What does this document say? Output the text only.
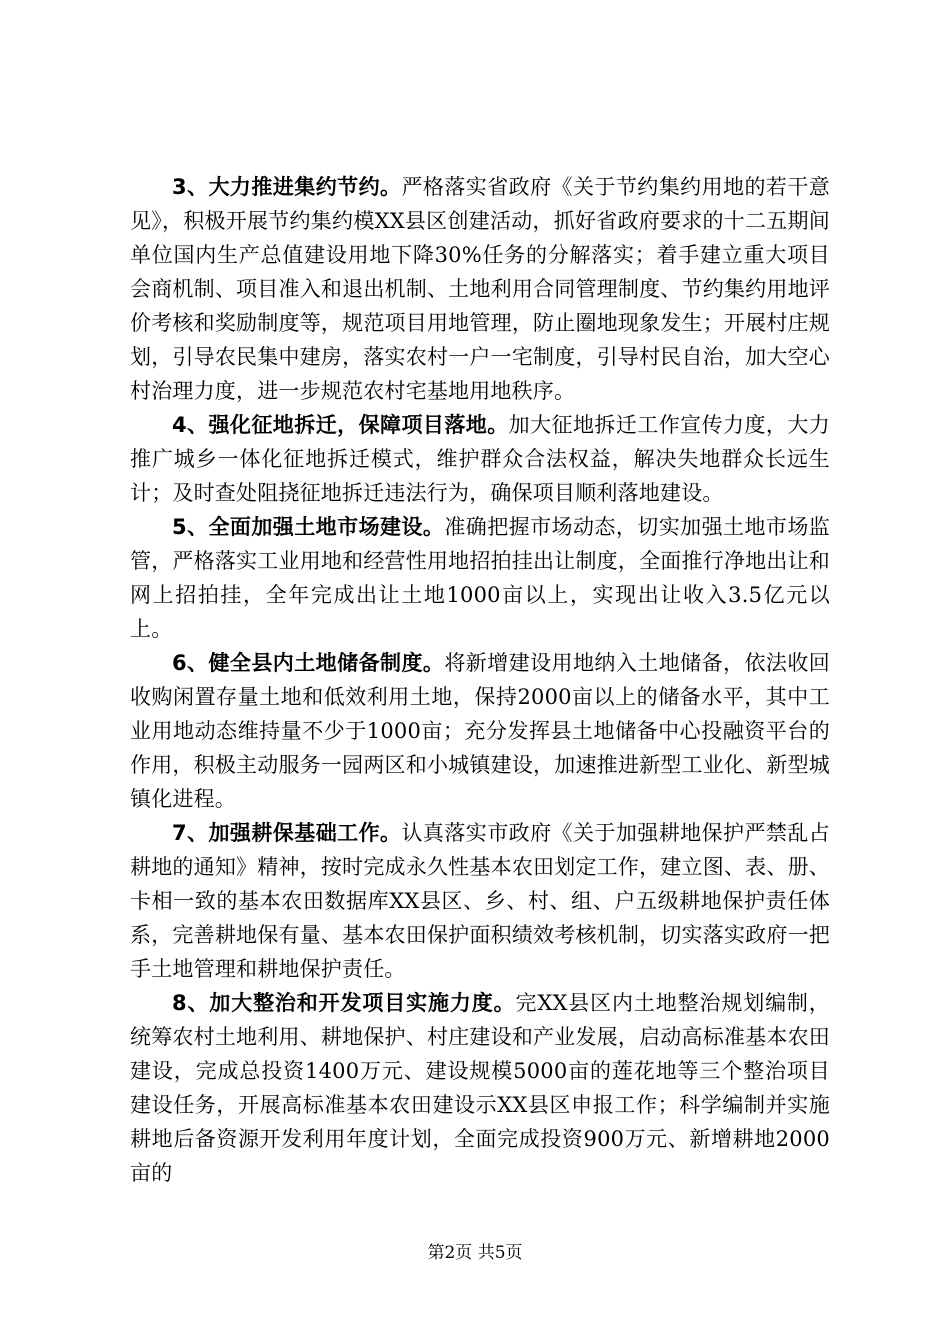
3、大力推进集约节约。严格落实省政府《关于节约集约用地的若干意见》，积极开展节约集约模XX县区创建活动，抓好省政府要求的十二五期间单位国内生产总值建设用地下降30%任务的分解落实；着手建立重大项目会商机制、项目准入和退出机制、土地利用合同管理制度、节约集约用地评价考核和奖励制度等，规范项目用地管理，防止圈地现象发生；开展村庄规划，引导农民集中建房，落实农村一户一宅制度，引导村民自治，加大空心村治理力度，进一步规范农村宅基地用地秩序。

4、强化征地拆迁，保障项目落地。加大征地拆迁工作宣传力度，大力推广城乡一体化征地拆迁模式，维护群众合法权益，解决失地群众长远生计；及时查处阻挠征地拆迁违法行为，确保项目顺利落地建设。

5、全面加强土地市场建设。准确把握市场动态，切实加强土地市场监管，严格落实工业用地和经营性用地招拍挂出让制度，全面推行净地出让和网上招拍挂，全年完成出让土地1000亩以上，实现出让收入3.5亿元以上。

6、健全县内土地储备制度。将新增建设用地纳入土地储备，依法收回收购闲置存量土地和低效利用土地，保持2000亩以上的储备水平，其中工业用地动态维持量不少于1000亩；充分发挥县土地储备中心投融资平台的作用，积极主动服务一园两区和小城镇建设，加速推进新型工业化、新型城镇化进程。

7、加强耕保基础工作。认真落实市政府《关于加强耕地保护严禁乱占耕地的通知》精神，按时完成永久性基本农田划定工作，建立图、表、册、卡相一致的基本农田数据库XX县区、乡、村、组、户五级耕地保护责任体系，完善耕地保有量、基本农田保护面积绩效考核机制，切实落实政府一把手土地管理和耕地保护责任。

8、加大整治和开发项目实施力度。完XX县区内土地整治规划编制，统筹农村土地利用、耕地保护、村庄建设和产业发展，启动高标准基本农田建设，完成总投资1400万元、建设规模5000亩的莲花地等三个整治项目建设任务，开展高标准基本农田建设示XX县区申报工作；科学编制并实施耕地后备资源开发利用年度计划，全面完成投资900万元、新增耕地2000亩的

第2页 共5页
